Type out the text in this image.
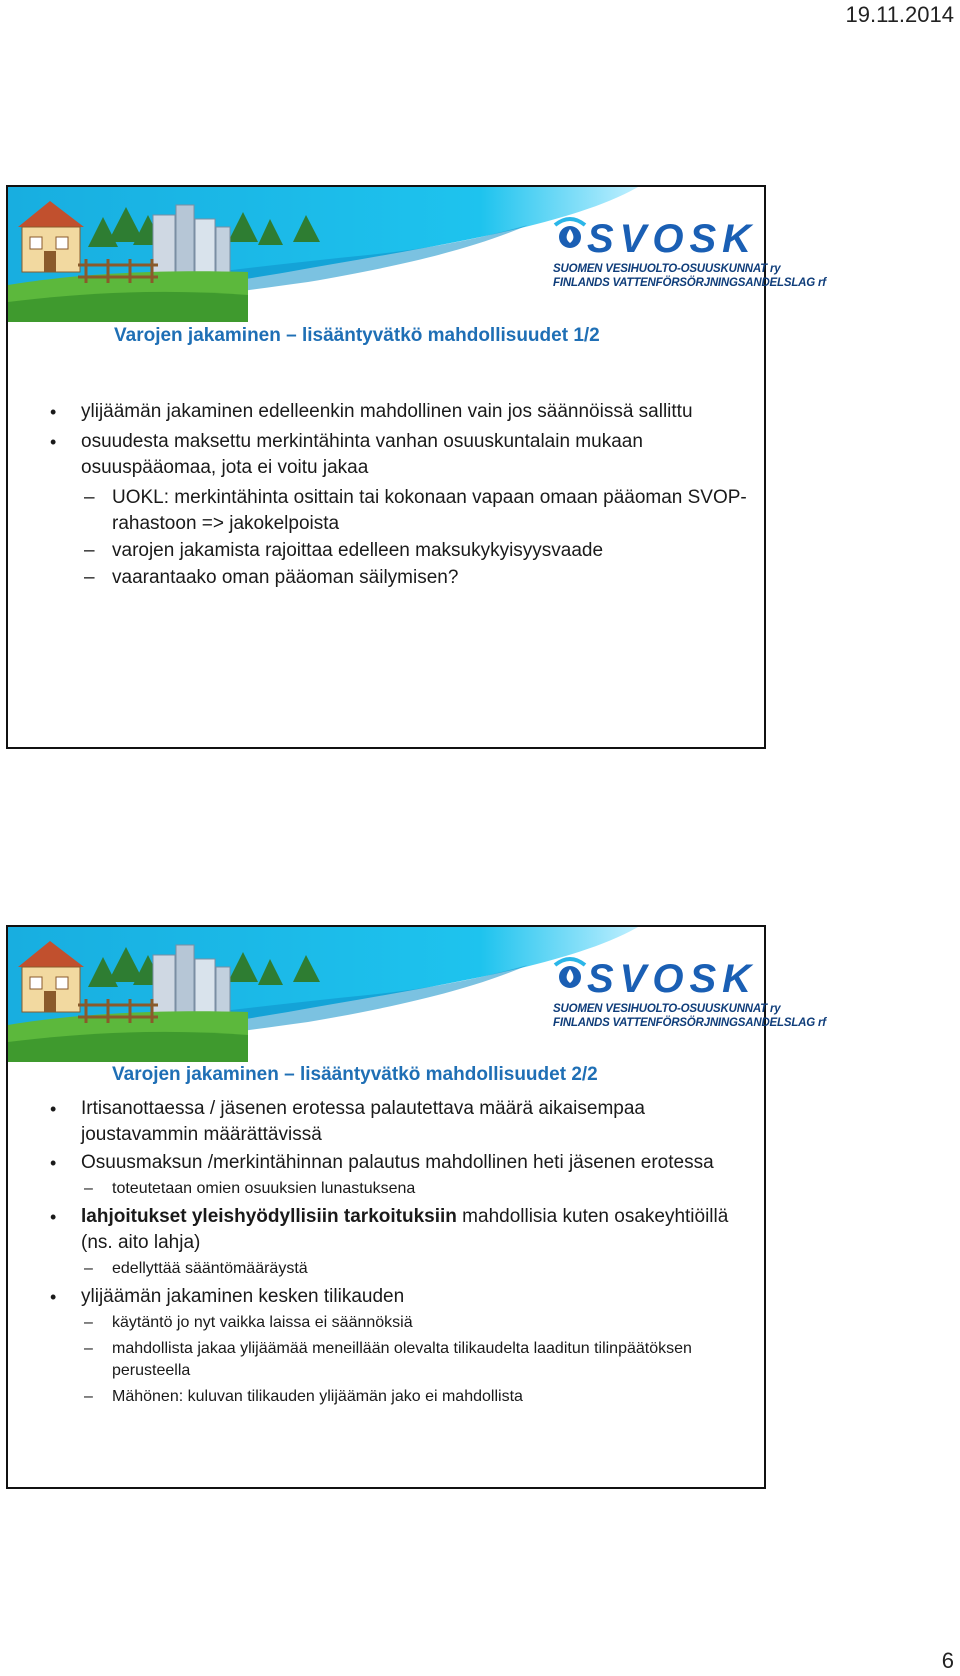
19.11.2014
SVOSK
SUOMEN VESIHUOLTO-OSUUSKUNNAT ry
FINLANDS VATTENFÖRSÖRJNINGSANDELSLAG rf
Varojen jakaminen – lisääntyvätkö mahdollisuudet 1/2
• ylijäämän jakaminen edelleenkin mahdollinen vain jos säännöissä sallittu
• osuudesta maksettu merkintähinta vanhan osuuskuntalain mukaan osuuspääomaa, jota ei voitu jakaa
– UOKL: merkintähinta osittain tai kokonaan vapaan omaan pääoman SVOP-rahastoon => jakokelpoista
– varojen jakamista rajoittaa edelleen maksukykyisyysvaade
– vaarantaako oman pääoman säilymisen?
SVOSK
SUOMEN VESIHUOLTO-OSUUSKUNNAT ry
FINLANDS VATTENFÖRSÖRJNINGSANDELSLAG rf
Varojen jakaminen – lisääntyvätkö mahdollisuudet 2/2
• Irtisanottaessa / jäsenen erotessa palautettava määrä aikaisempaa joustavammin määrättävissä
• Osuusmaksun /merkintähinnan palautus mahdollinen heti jäsenen erotessa
– toteutetaan omien osuuksien lunastuksena
• lahjoitukset yleishyödyllisiin tarkoituksiin mahdollisia kuten osakeyhtiöillä (ns. aito lahja)
– edellyttää sääntömääräystä
• ylijäämän jakaminen kesken tilikauden
– käytäntö jo nyt vaikka laissa ei säännöksiä
– mahdollista jakaa ylijäämää meneillään olevalta tilikaudelta laaditun tilinpäätöksen perusteella
– Mähönen: kuluvan tilikauden ylijäämän jako ei mahdollista
6
